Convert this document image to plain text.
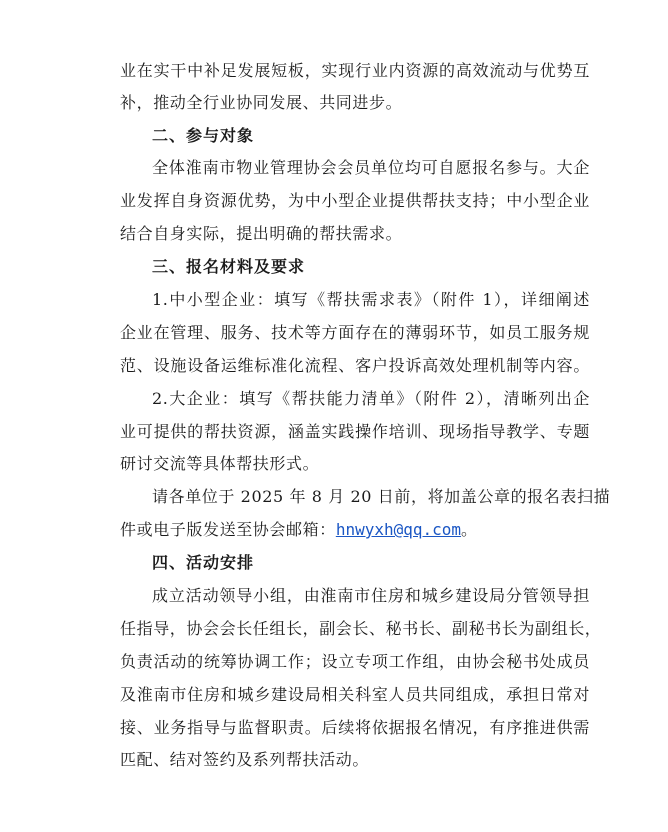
业在实干中补足发展短板，实现行业内资源的高效流动与优势互
补，推动全行业协同发展、共同进步。
二、参与对象
全体淮南市物业管理协会会员单位均可自愿报名参与。大企
业发挥自身资源优势，为中小型企业提供帮扶支持；中小型企业
结合自身实际，提出明确的帮扶需求。
三、报名材料及要求
1.中小型企业：填写《帮扶需求表》（附件 1），详细阐述
企业在管理、服务、技术等方面存在的薄弱环节，如员工服务规
范、设施设备运维标准化流程、客户投诉高效处理机制等内容。
2.大企业：填写《帮扶能力清单》（附件 2），清晰列出企
业可提供的帮扶资源，涵盖实践操作培训、现场指导教学、专题
研讨交流等具体帮扶形式。
请各单位于 2025 年 8 月 20 日前，将加盖公章的报名表扫描
件或电子版发送至协会邮箱：hnwyxh@qq.com。
四、活动安排
成立活动领导小组，由淮南市住房和城乡建设局分管领导担
任指导，协会会长任组长，副会长、秘书长、副秘书长为副组长，
负责活动的统筹协调工作；设立专项工作组，由协会秘书处成员
及淮南市住房和城乡建设局相关科室人员共同组成，承担日常对
接、业务指导与监督职责。后续将依据报名情况，有序推进供需
匹配、结对签约及系列帮扶活动。
